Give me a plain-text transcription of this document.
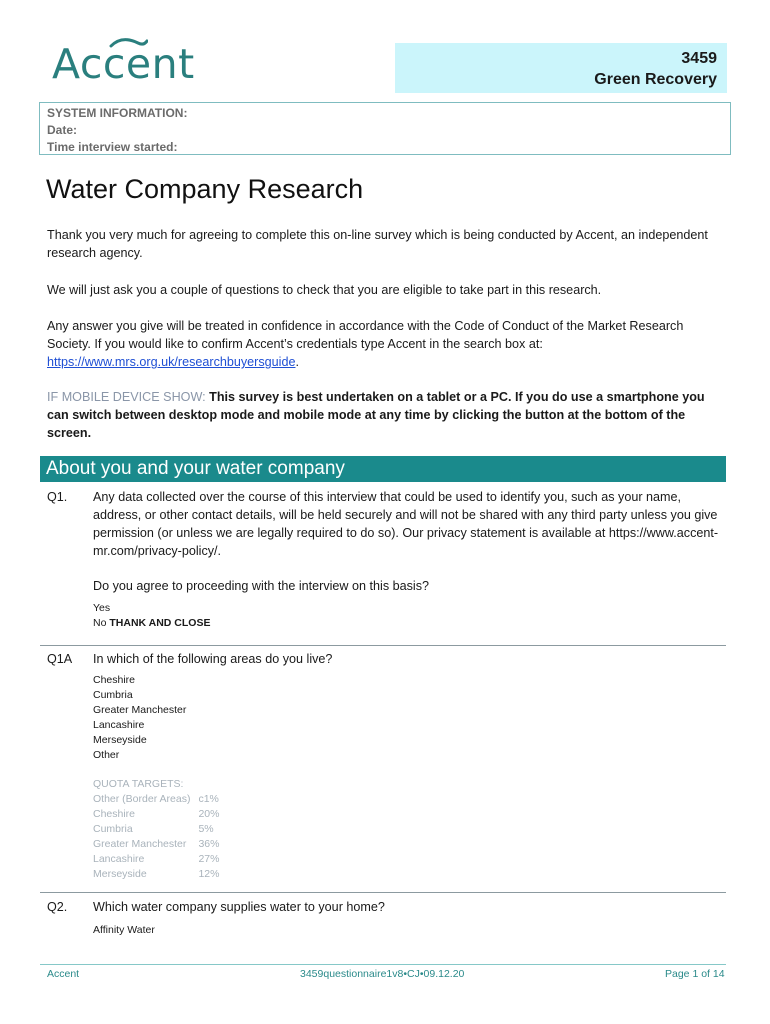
Accent	3459
Green Recovery
SYSTEM INFORMATION:
Date:
Time interview started:
Water Company Research

Thank you very much for agreeing to complete this on-line survey which is being conducted by Accent, an independent research agency.

We will just ask you a couple of questions to check that you are eligible to take part in this research.

Any answer you give will be treated in confidence in accordance with the Code of Conduct of the Market Research Society. If you would like to confirm Accent’s credentials type Accent in the search box at: https://www.mrs.org.uk/researchbuyersguide.

IF MOBILE DEVICE SHOW: This survey is best undertaken on a tablet or a PC. If you do use a smartphone you can switch between desktop mode and mobile mode at any time by clicking the button at the bottom of the screen.

About you and your water company
Q1. Any data collected over the course of this interview that could be used to identify you, such as your name, address, or other contact details, will be held securely and will not be shared with any third party unless you give permission (or unless we are legally required to do so). Our privacy statement is available at https://www.accent-mr.com/privacy-policy/.
Do you agree to proceeding with the interview on this basis?
Yes
No THANK AND CLOSE
Q1A In which of the following areas do you live?
Cheshire
Cumbria
Greater Manchester
Lancashire
Merseyside
Other
QUOTA TARGETS:
Other (Border Areas)	c1%
Cheshire	20%
Cumbria	5%
Greater Manchester	36%
Lancashire	27%
Merseyside	12%
Q2. Which water company supplies water to your home?
Affinity Water
Accent	3459questionnaire1v8•CJ•09.12.20	Page 1 of 14
